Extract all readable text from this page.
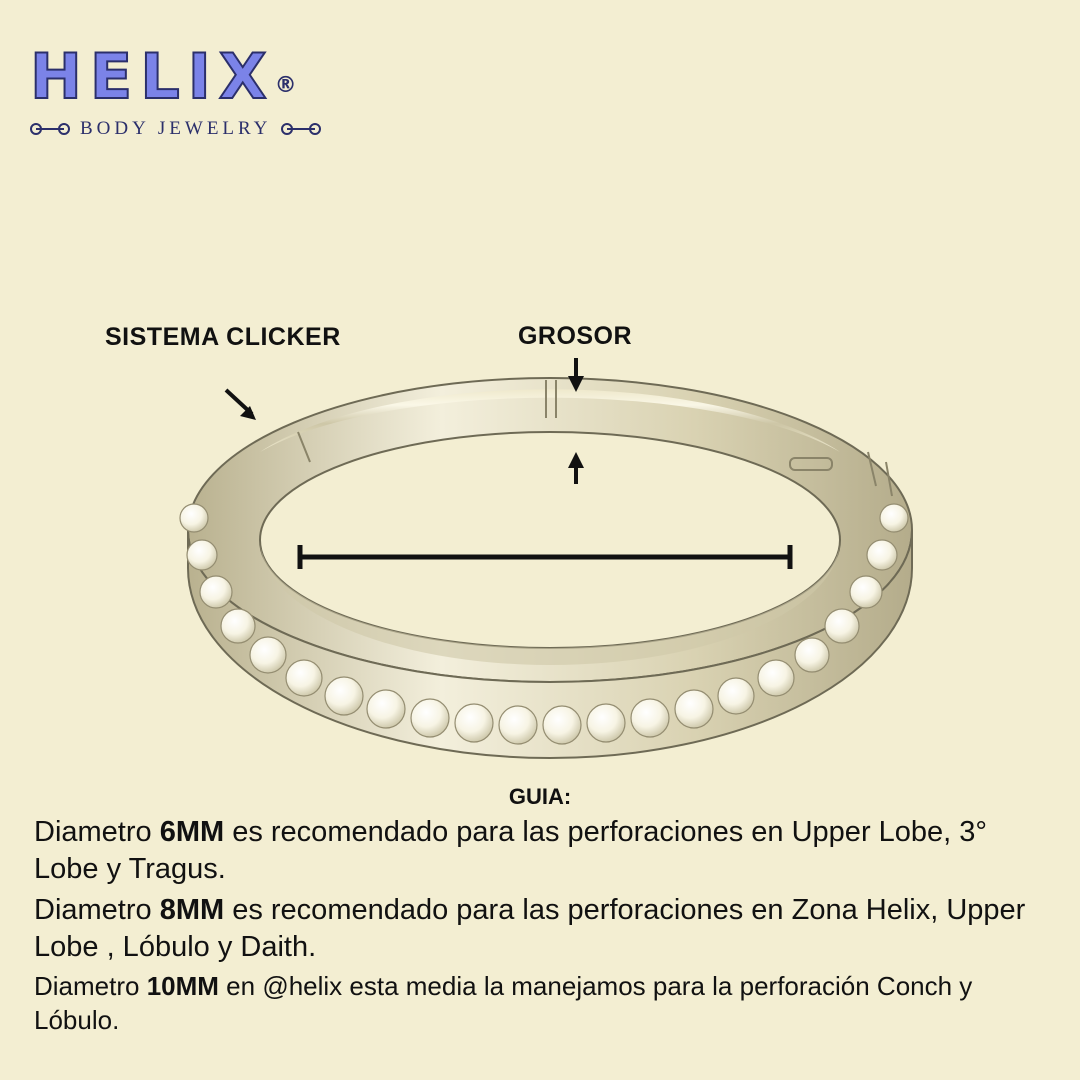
HELIX®
BODY JEWELRY
SISTEMA CLICKER	GROSOR

GUIA:

Diametro 6MM es recomendado para las perforaciones en Upper Lobe, 3° Lobe y Tragus.

Diametro 8MM es recomendado para las perforaciones en Zona Helix, Upper Lobe , Lóbulo y Daith.

Diametro 10MM en @helix esta media la manejamos para la perforación Conch y Lóbulo.
